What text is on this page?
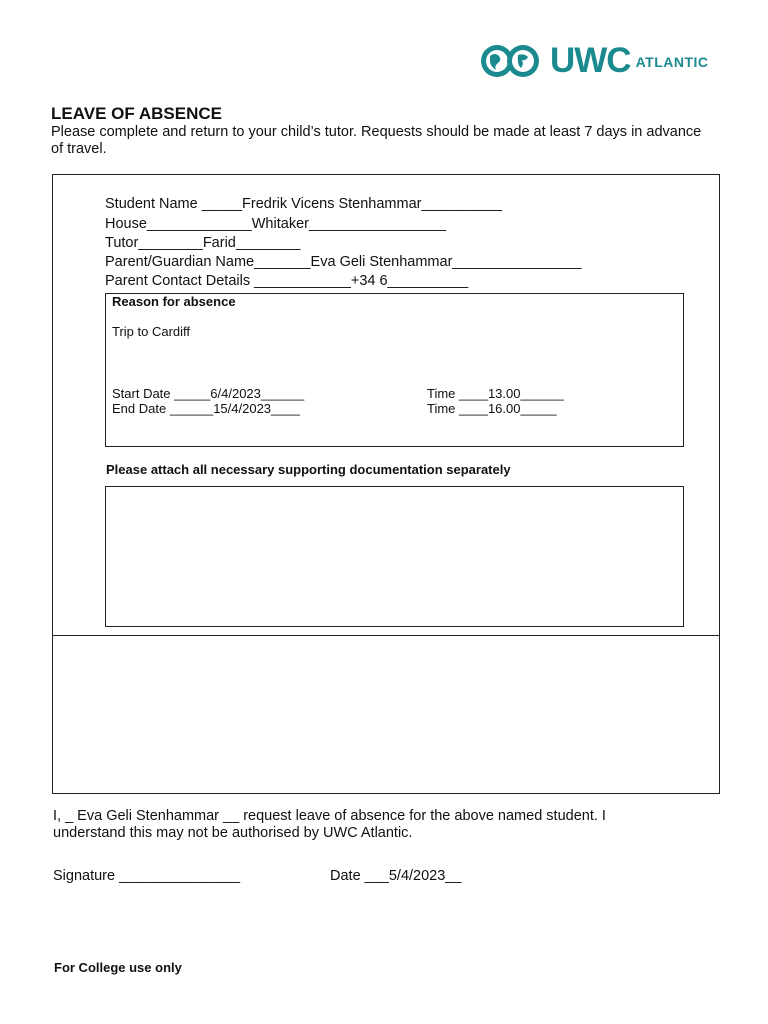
UWC ATLANTIC
LEAVE OF ABSENCE
Please complete and return to your child’s tutor. Requests should be made at least 7 days in advance of travel.
Student Name _____Fredrik Vicens Stenhammar__________
House_____________Whitaker_________________
Tutor________Farid________
Parent/Guardian Name_______Eva Geli Stenhammar________________
Parent Contact Details ____________+34 6__________
Reason for absence
Trip to Cardiff
Start Date _____6/4/2023______	Time ____13.00______
End Date ______15/4/2023____	Time ____16.00_____
Please attach all necessary supporting documentation separately
I, _ Eva Geli Stenhammar __ request leave of absence for the above named student. I
understand this may not be authorised by UWC Atlantic.
Signature _______________	Date ___5/4/2023__
For College use only
